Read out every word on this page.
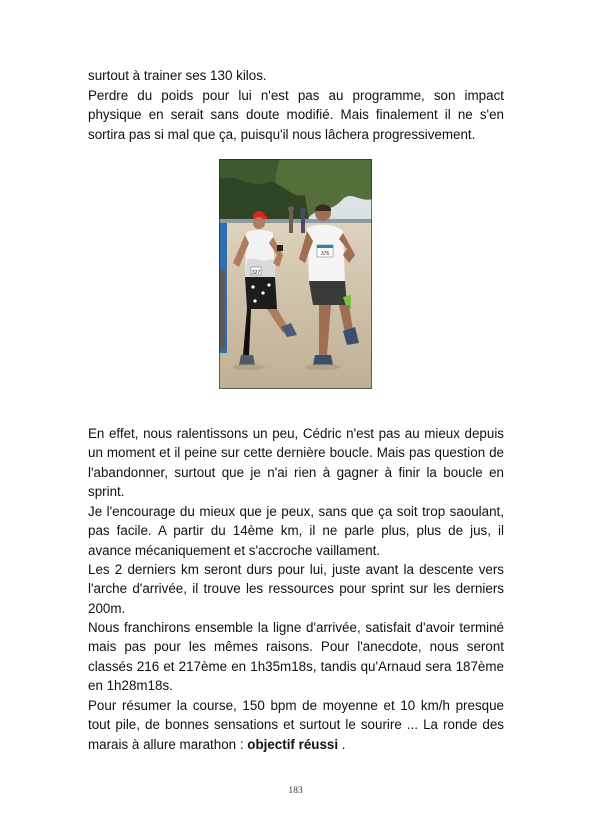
surtout à trainer ses 130 kilos.

Perdre du poids pour lui n'est pas au programme, son impact physique en serait sans doute modifié. Mais finalement il ne s'en sortira pas si mal que ça, puisqu'il nous lâchera progressivement.

327
376

En effet, nous ralentissons un peu, Cédric n'est pas au mieux depuis un moment et il peine sur cette dernière boucle. Mais pas question de l'abandonner, surtout que je n'ai rien à gagner à finir la boucle en sprint.

Je l'encourage du mieux que je peux, sans que ça soit trop saoulant, pas facile. A partir du 14ème km, il ne parle plus, plus de jus, il avance mécaniquement et s'accroche vaillament.

Les 2 derniers km seront durs pour lui, juste avant la descente vers l'arche d'arrivée, il trouve les ressources pour sprint sur les derniers 200m.

Nous franchirons ensemble la ligne d'arrivée, satisfait d'avoir terminé mais pas pour les mêmes raisons. Pour l'anecdote, nous seront classés 216 et 217ème en 1h35m18s, tandis qu'Arnaud sera 187ème en 1h28m18s.

Pour résumer la course, 150 bpm de moyenne et 10 km/h presque tout pile, de bonnes sensations et surtout le sourire ... La ronde des marais à allure marathon : objectif réussi .

183
